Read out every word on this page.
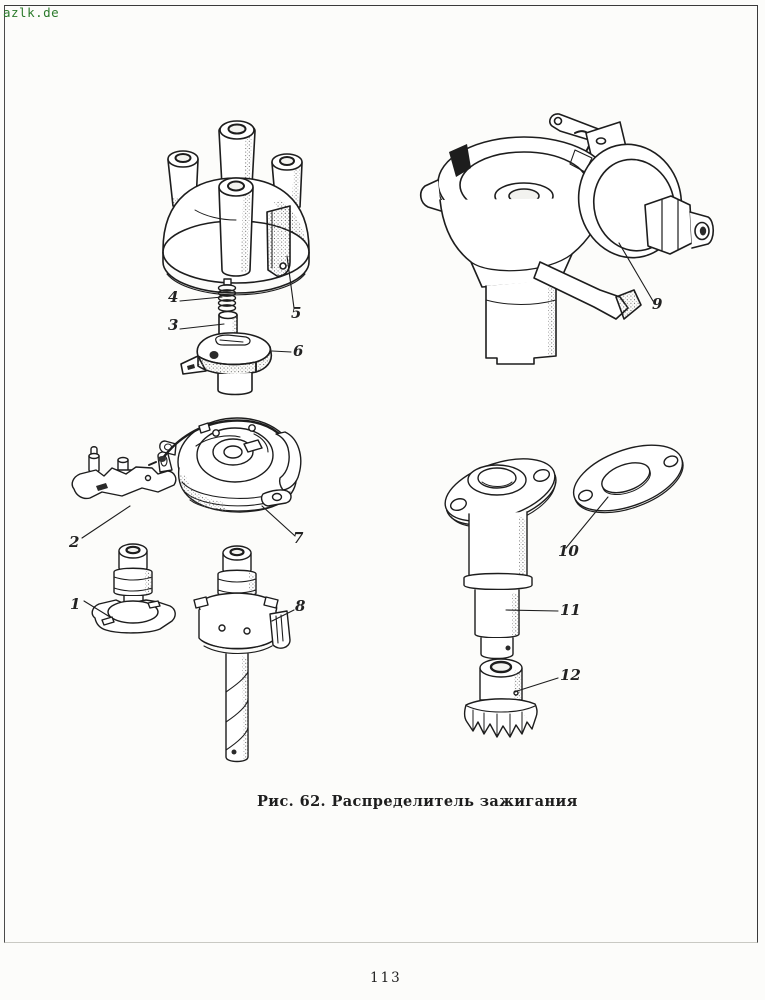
azlk.de
1
2
3
4
5
6
7
8
9
10
11
12
Рис. 62. Распределитель зажигания
113
